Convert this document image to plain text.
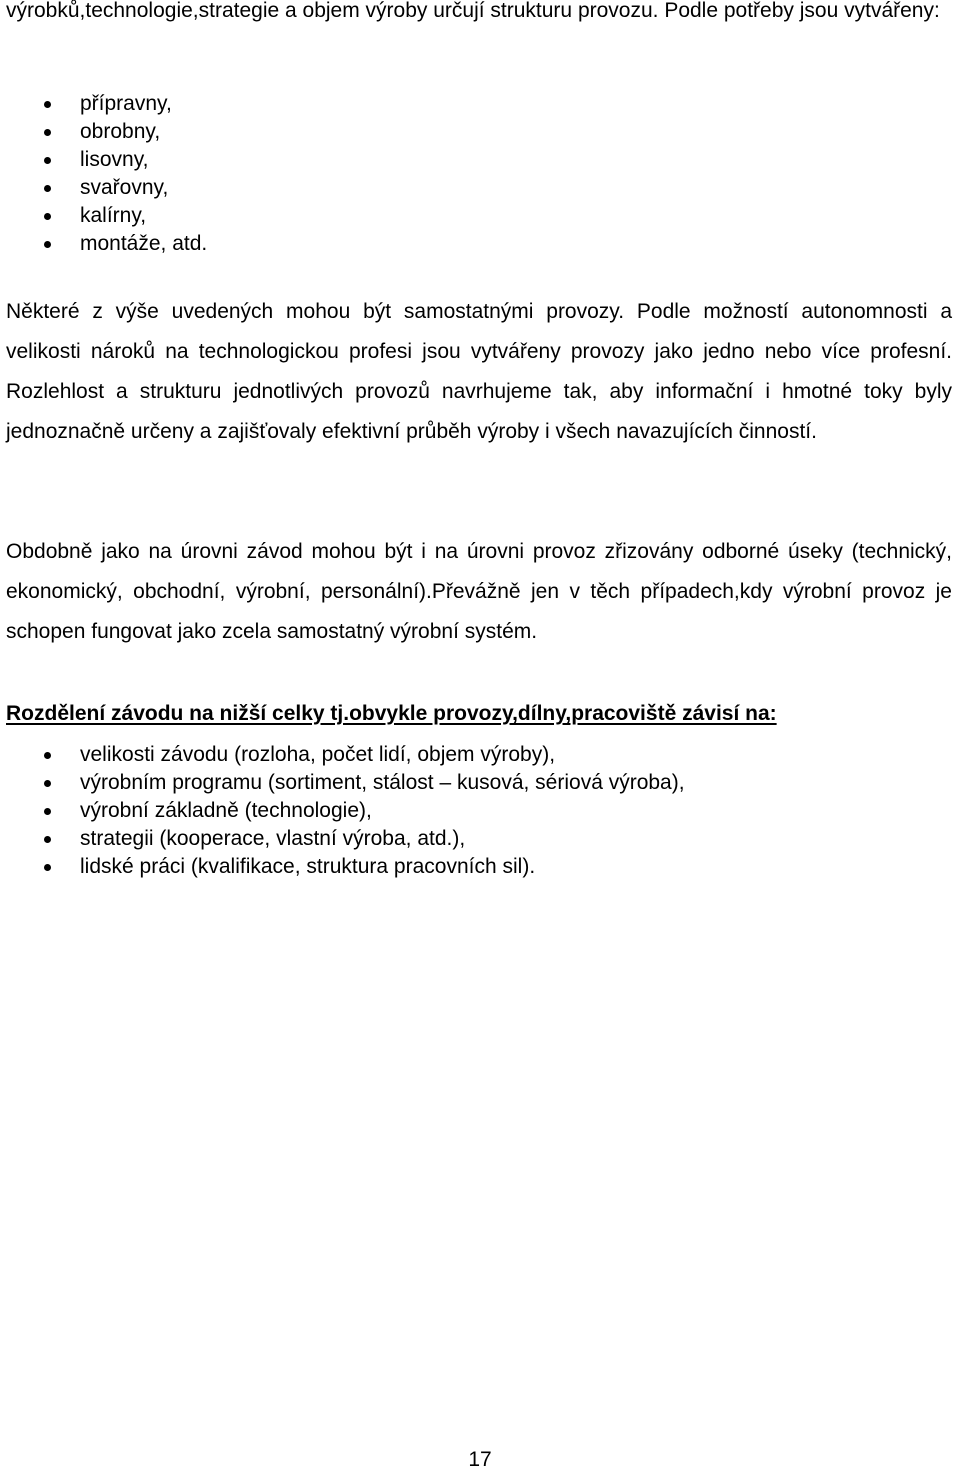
výrobků,technologie,strategie a objem výroby určují strukturu provozu. Podle potřeby jsou vytvářeny:

přípravny,
obrobny,
lisovny,
svařovny,
kalírny,
montáže, atd.

Některé z výše uvedených mohou být samostatnými provozy. Podle možností autonomnosti a velikosti nároků na technologickou profesi jsou vytvářeny provozy jako jedno nebo více profesní. Rozlehlost a strukturu jednotlivých provozů navrhujeme tak, aby informační i hmotné toky byly jednoznačně určeny a zajišťovaly efektivní průběh výroby i všech navazujících činností.

Obdobně jako na úrovni závod mohou být i na úrovni provoz zřizovány odborné úseky (technický, ekonomický, obchodní, výrobní, personální).Převážně jen v těch případech,kdy výrobní provoz je schopen fungovat jako zcela samostatný výrobní systém.

Rozdělení závodu na nižší celky tj.obvykle provozy,dílny,pracoviště závisí na:
velikosti závodu (rozloha, počet lidí, objem výroby),
výrobním programu (sortiment, stálost – kusová, sériová výroba),
výrobní základně (technologie),
strategii (kooperace, vlastní výroba, atd.),
lidské práci (kvalifikace, struktura pracovních sil).
17
